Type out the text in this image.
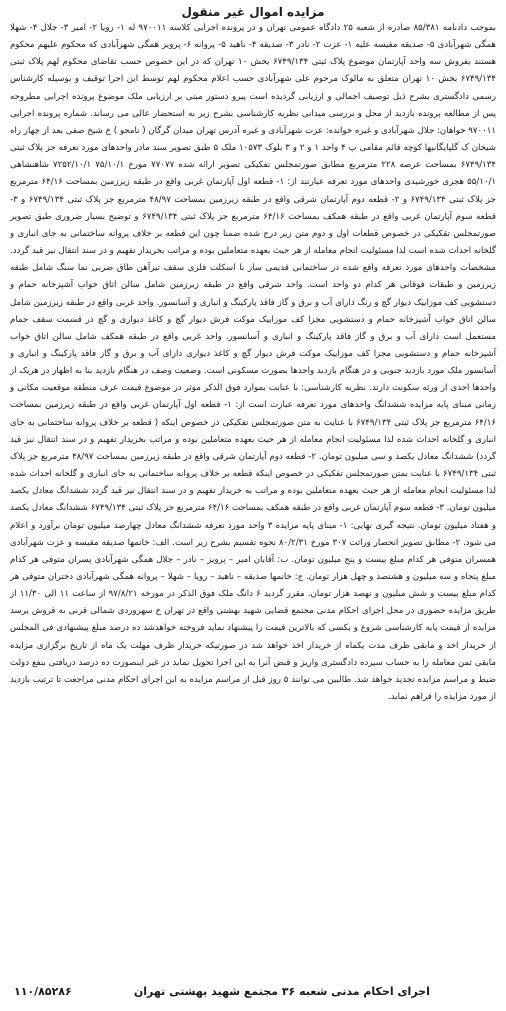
مزایده اموال غیر منقول

بموجب دادنامه ۸۵/۳۸۱ صادره از شعبه ۲۵ دادگاه عمومی تهران و در پرونده اجرایی کلاسه ۹۷۰۰۱۱ له ۱- رویا ۲- امیر ۳- جلال ۴- شهلا همگی شهرآبادی ۵- صدیقه مقیسه علیه ۱- عزت ۲- نادر ۳- صدیقه ۴- ناهید ۵- پروانه ۶- پرویز همگی شهرآبادی که محکوم علیهم محکوم هستند بفروش سه واحد آپارتمان موضوع پلاک ثبتی ۶۷۴۹/۱۳۴ بخش ۱۰ تهران که در این خصوص حسب تقاضای محکوم لهم پلاک ثبتی ۶۷۴۹/۱۳۴ بخش ۱۰ تهران متعلق به مالوک مرحوم علی شهرآبادی حسب اعلام محکوم لهم توسط این اجرا توقیف و بوسیله کارشناس رسمی دادگستری بشرح ذیل توصیف اجمالی و ارزیابی گردیده است پیرو دستور مبنی بر ارزیابی ملک موضوع پرونده اجرایی مطروحه پس از مطالعه پرونده بازدید از محل و بررسی میدانی نظریه کارشناسی بشرح زیر به استحضار عالی می رساند. شماره پرونده اجرایی ۹۷۰۰۱۱ خواهان: جلال شهرآبادی و غیره خوانده: عزت شهرآبادی و غیره آدرس تهران میدان گرگان ( نامجو ) خ شیخ صفی بعد از چهار راه شیخان ک گلپایگانیها کوچه قائم مقامی پ ۴ واحد ۱ و ۲ و ۳ بلوک ۱۰۵۷۳ ملک ۵ طبق تصویر سند مادر واحدهای مورد تعرفه جز پلاک ثبتی ۶۷۴۹/۱۳۴ بمساحت عرصه ۲۲۸ مترمربع مطابق صورتمجلس تفکیکی تصویر ارائه شده ۷۷۰۷۷ مورخ ۷۵/۱۰/۱ ۷۲۵۲/۱۰/۱ شاهنشاهی ۵۵/۱۰/۱ هجری خورشیدی واحدهای مورد تعرفه عبارتند از: ۱- قطعه اول آپارتمان غربی واقع در طبقه زیرزمین بمساحت ۶۴/۱۶ مترمربع جز پلاک ثبتی ۶۷۴۹/۱۳۴ و ۲- قطعه دوم آپارتمان شرقی واقع در طبقه زیرزمین بمساحت ۴۸/۹۷ مترمربع جز پلاک ثبتی ۶۷۴۹/۱۳۴ و ۳- قطعه سوم آپارتمان غربی واقع در طبقه همکف بمساحت ۶۴/۱۶ مترمربع جز پلاک ثبتی ۶۷۴۹/۱۳۴ و توضیح بسیار ضروری طبق تصویر صورتمجلس تفکیکی در خصوص قطعات اول و دوم متن زیر درج شده ضمنا چون این قطعه بر خلاف پروانه ساختمانی به جای انباری و گلخانه احداث شده است لذا مسئولیت انجام معامله از هر حیث بعهده متعاملین بوده و مراتب بخریدار تفهیم و در سند انتقال نیز قید گردد. مشخصات واحدهای مورد تعرفه واقع شده در ساختمانی قدیمی ساز با اسکلت فلزی سقف تیرآهن طاق ضربی نما سنگ شامل طبقه زیرزمین و طبقات فوقانی هر کدام دو واحد است. واحد شرقی واقع در طبقه زیرزمین شامل سالن اتاق خواب آشپزخانه حمام و دستشویی کف موزاییک دیوار گچ و رنگ دارای آب و برق و گاز فاقد پارکینگ و انباری و آسانسور. واحد غربی واقع در طبقه زیرزمین شامل سالن اتاق خواب آشپزخانه حمام و دستشویی مجزا کف موزاییک موکت فرش دیوار گچ و کاغذ دیواری و گچ در قسمت سقف حمام مستعمل است دارای آب و برق و گاز فاقد پارکینگ و انباری و آسانسور. واحد غربی واقع در طبقه همکف شامل سالن اتاق خواب آشپزخانه حمام و دستشویی مجزا کف موزاییک موکت فرش دیوار گچ و کاغذ دیواری دارای آب و برق و گاز فاقد پارکینگ و انباری و آسانسور ملک مورد بازدید جنوبی و در هنگام بازدید واحدها بصورت مسکونی است. وضعیت وصف در هنگام بازدید بنا به اظهار در هریک از واحدها احدی از ورثه سکونت دارند. نظریه کارشناسی: با عنایت بموارد فوق الذکر موثر در موضوع قیمت عرف منطقه موقعیت مکانی و زمانی مبنای پایه مزایده ششدانگ واحدهای مورد تعرفه عبارت است از: ۱- قطعه اول آپارتمان غربی واقع در طبقه زیرزمین بمساحت ۶۴/۱۶ مترمربع جز پلاک ثبتی ۶۷۴۹/۱۳۴ با عنایت به متن صورتمجلس تفکیکی در خصوص اینکه ( قطعه بر خلاف پروانه ساختمانی به جای انباری و گلخانه احداث شده لذا مسئولیت انجام معامله از هر حیث بعهده متعاملین بوده و مراتب بخریدار تفهیم و در سند انتقال نیز قید گردد) ششدانگ معادل یکصد و سی میلیون تومان. ۲- قطعه دوم آپارتمان شرقی واقع در طبقه زیرزمین بمساحت ۴۸/۹۷ مترمربع جز پلاک ثبتی ۶۷۴۹/۱۳۴ با عنایت بمتن صورتمجلس تفکیکی در خصوص اینکه قطعه بر خلاف پروانه ساختمانی به جای انباری و گلخانه احداث شده لذا مسئولیت انجام معامله از هر حیث بعهده متعاملین بوده و مراتب به خریدار تفهیم و در سند انتقال نیز قید گردد ششدانگ معادل یکصد میلیون تومان. ۳- قطعه سوم آپارتمان غربی واقع در طبقه همکف بمساحت ۶۴/۱۶ مترمربع جز پلاک ثبتی ۶۷۴۹/۱۳۴ ششدانگ معادل یکصد و هفتاد میلیون تومان. نتیجه گیری نهایی: ۱- مبنای پایه مزایده ۳ واحد مورد تعرفه ششدانگ معادل چهارصد میلیون تومان برآورد و اعلام می شود. ۲- مطابق تصویر انحصار وراثت ۳۰۷ مورخ ۸۰/۲/۳۱ نحوه تقسیم بشرح زیر است. الف: خانمها صدیقه مقیسه و عزت شهرآبادی همسران متوفی هر کدام مبلغ بیست و پنج میلیون تومان. ب: آقایان امیر – پرویز – نادر – جلال همگی شهرآبادی پسران متوفی هر کدام مبلغ پنجاه و سه میلیون و هشتصد و چهل هزار تومان. ج: خانمها صدیقه – ناهید – رویا – شهلا – پروانه همگی شهرآبادی دختران متوفی هر کدام مبلغ بیست و شش میلیون و نهصد هزار تومان. مقرر گردید ۶ دانگ ملک فوق الذکر در مورخه ۹۷/۸/۲۱ از ساعت ۱۱ الی ۱۱/۳۰ از طریق مزایده حضوری در محل اجرای احکام مدنی مجتمع قضایی شهید بهشتی واقع در تهران خ سهروردی شمالی قرنی به فروش برسد مزایده از قیمت پایه کارشناسی شروع و بکسی که بالاترین قیمت را پیشنهاد نماید فروخته خواهدشد ده درصد مبلغ پیشنهادی فی المجلس از خریدار اخذ و مابقی ظرف مدت یکماه از خریدار اخذ خواهد شد در صورتیکه خریدار ظرف مهلت یک ماه از تاریخ برگزاری مزایده مابقی ثمن معامله را به حساب سپرده دادگستری واریز و قبض آنرا به این اجرا تحویل نماید در غیر اینصورت ده درصد دریافتی بنفع دولت ضبط و مراسم مزایده تجدید خواهد شد. طالبین می توانند ۵ روز قبل از مراسم مزایده به این اجرای احکام مدنی مراجعت تا ترتیب بازدید از مورد مزایده را فراهم نماید.

اجرای احکام مدنی شعبه ۳۶ مجتمع شهید بهشتی تهران
۱۱۰/۸۵۲۸۶
